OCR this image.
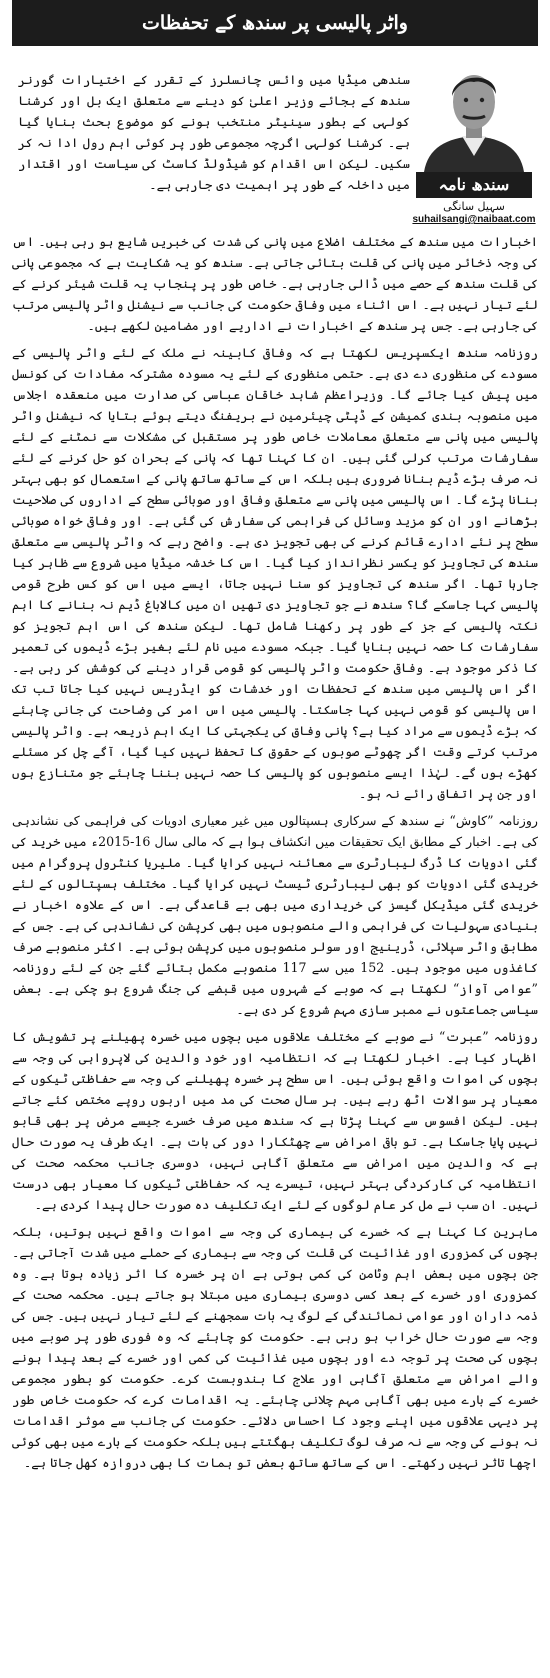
واٹر پالیسی پر سندھ کے تحفظات
سندھ نامہ
سہیل سانگی
suhailsangi@naibaat.com

سندھی میڈیا میں وائس چانسلرز کے تقرر کے اختیارات گورنر سندھ کے بجائے وزیر اعلیٰ کو دینے سے متعلق ایک بل اور کرشنا کولہی کے بطور سینیٹر منتخب ہونے کو موضوع بحث بنایا گیا ہے۔ کرشنا کولہی اگرچہ مجموعی طور پر کوئی اہم رول ادا نہ کر سکیں۔ لیکن اس اقدام کو شیڈولڈ کاسٹ کی سیاست اور اقتدار میں داخلہ کے طور پر اہمیت دی جارہی ہے۔

اخبارات میں سندھ کے مختلف اضلاع میں پانی کی شدت کی خبریں شایع ہو رہی ہیں۔ اس کی وجہ ذخائر میں پانی کی قلت بتائی جاتی ہے۔ سندھ کو یہ شکایت ہے کہ مجموعی پانی کی قلت سندھ کے حصے میں ڈالی جارہی ہے۔ خاص طور پر پنجاب یہ قلت شیئر کرنے کے لئے تیار نہیں ہے۔ اس اثناء میں وفاقی حکومت کی جانب سے نیشنل واٹر پالیسی مرتب کی جارہی ہے۔ جس پر سندھ کے اخبارات نے اداریے اور مضامین لکھے ہیں۔

روزنامہ سندھ ایکسپریس لکھتا ہے کہ وفاقی کابینہ نے ملک کے لئے واٹر پالیسی کے مسودے کی منظوری دے دی ہے۔ حتمی منظوری کے لئے یہ مسودہ مشترکہ مفادات کی کونسل میں پیش کیا جائے گا۔ وزیراعظم شاہد خاقان عباسی کی صدارت میں منعقدہ اجلاس میں منصوبہ بندی کمیشن کے ڈپٹی چیئرمین نے بریفنگ دیتے ہوئے بتایا کہ نیشنل واٹر پالیسی میں پانی سے متعلق معاملات خاص طور پر مستقبل کی مشکلات سے نمٹنے کے لئے سفارشات مرتب کرلی گئی ہیں۔ ان کا کہنا تھا کہ پانی کے بحران کو حل کرنے کے لئے نہ صرف بڑے ڈیم بنانا ضروری ہیں بلکہ اس کے ساتھ ساتھ پانی کے استعمال کو بھی بہتر بنانا پڑے گا۔ اس پالیسی میں پانی سے متعلق وفاقی اور صوبائی سطح کے اداروں کی صلاحیت بڑھانے اور ان کو مزید وسائل کی فراہمی کی سفارش کی گئی ہے۔ اور وفاقی خواہ صوبائی سطح پر نئے ادارے قائم کرنے کی بھی تجویز دی ہے۔ واضح رہے کہ واٹر پالیسی سے متعلق سندھ کی تجاویز کو یکسر نظرانداز کیا گیا۔ اس کا خدشہ میڈیا میں شروع سے ظاہر کیا جارہا تھا۔ اگر سندھ کی تجاویز کو سنا نہیں جاتا، ایسے میں اس کو کس طرح قومی پالیسی کہا جاسکے گا؟ سندھ نے جو تجاویز دی تھیں ان میں کالاباغ ڈیم نہ بنانے کا اہم نکتہ پالیسی کے جز کے طور پر رکھنا شامل تھا۔ لیکن سندھ کی اس اہم تجویز کو سفارشات کا حصہ نہیں بنایا گیا۔ جبکہ مسودے میں نام لئے بغیر بڑے ڈیموں کی تعمیر کا ذکر موجود ہے۔ وفاقی حکومت واٹر پالیسی کو قومی قرار دینے کی کوشش کر رہی ہے۔ اگر اس پالیسی میں سندھ کے تحفظات اور خدشات کو ایڈریس نہیں کیا جاتا تب تک اس پالیسی کو قومی نہیں کہا جاسکتا۔ پالیسی میں اس امر کی وضاحت کی جانی چاہئے کہ بڑے ڈیموں سے مراد کیا ہے؟ پانی وفاق کی یکجہتی کا ایک اہم ذریعہ ہے۔ واٹر پالیسی مرتب کرتے وقت اگر چھوٹے صوبوں کے حقوق کا تحفظ نہیں کیا گیا، آگے چل کر مسئلے کھڑے ہوں گے۔ لہٰذا ایسے منصوبوں کو پالیسی کا حصہ نہیں بننا چاہئے جو متنازع ہوں اور جن پر اتفاق رائے نہ ہو۔

روزنامہ ”کاوش“ نے سندھ کے سرکاری ہسپتالوں میں غیر معیاری ادویات کی فراہمی کی نشاندہی کی ہے۔ اخبار کے مطابق ایک تحقیقات میں انکشاف ہوا ہے کہ مالی سال 16-2015ء میں خرید کی گئی ادویات کا ڈرگ لیبارٹری سے معائنہ نہیں کرایا گیا۔ ملیریا کنٹرول پروگرام میں خریدی گئی ادویات کو بھی لیبارٹری ٹیسٹ نہیں کرایا گیا۔ مختلف ہسپتالوں کے لئے خریدی گئی میڈیکل گیسز کی خریداری میں بھی بے قاعدگی ہے۔ اس کے علاوہ اخبار نے بنیادی سہولیات کی فراہمی والے منصوبوں میں بھی کرپشن کی نشاندہی کی ہے۔ جس کے مطابق واٹر سپلائی، ڈرینیج اور سولر منصوبوں میں کرپشن ہوئی ہے۔ اکثر منصوبے صرف کاغذوں میں موجود ہیں۔ 152 میں سے 117 منصوبے مکمل بتائے گئے جن کے لئے روزنامہ ”عوامی آواز“ لکھتا ہے کہ صوبے کے شہروں میں قبضے کی جنگ شروع ہو چکی ہے۔ بعض سیاسی جماعتوں نے ممبر سازی مہم شروع کر دی ہے۔

روزنامہ ”عبرت“ نے صوبے کے مختلف علاقوں میں بچوں میں خسرہ پھیلنے پر تشویش کا اظہار کیا ہے۔ اخبار لکھتا ہے کہ انتظامیہ اور خود والدین کی لاپرواہی کی وجہ سے بچوں کی اموات واقع ہوئی ہیں۔ اس سطح پر خسرہ پھیلنے کی وجہ سے حفاظتی ٹیکوں کے معیار پر سوالات اٹھ رہے ہیں۔ ہر سال صحت کی مد میں اربوں روپے مختص کئے جاتے ہیں۔ لیکن افسوس سے کہنا پڑتا ہے کہ سندھ میں صرف خسرے جیسے مرض پر بھی قابو نہیں پایا جاسکا ہے۔ تو باقی امراض سے چھٹکارا دور کی بات ہے۔ ایک طرف یہ صورت حال ہے کہ والدین میں امراض سے متعلق آگاہی نہیں، دوسری جانب محکمہ صحت کی انتظامیہ کی کارکردگی بہتر نہیں، تیسرے یہ کہ حفاظتی ٹیکوں کا معیار بھی درست نہیں۔ ان سب نے مل کر عام لوگوں کے لئے ایک تکلیف دہ صورت حال پیدا کردی ہے۔

ماہرین کا کہنا ہے کہ خسرے کی بیماری کی وجہ سے اموات واقع نہیں ہوتیں، بلکہ بچوں کی کمزوری اور غذائیت کی قلت کی وجہ سے بیماری کے حملے میں شدت آجاتی ہے۔ جن بچوں میں بعض اہم وٹامن کی کمی ہوتی ہے ان پر خسرہ کا اثر زیادہ ہوتا ہے۔ وہ کمزوری اور خسرے کے بعد کسی دوسری بیماری میں مبتلا ہو جاتے ہیں۔ محکمہ صحت کے ذمہ داران اور عوامی نمائندگی کے لوگ یہ بات سمجھنے کے لئے تیار نہیں ہیں۔ جس کی وجہ سے صورت حال خراب ہو رہی ہے۔ حکومت کو چاہئے کہ وہ فوری طور پر صوبے میں بچوں کی صحت پر توجہ دے اور بچوں میں غذائیت کی کمی اور خسرے کے بعد پیدا ہونے والے امراض سے متعلق آگاہی اور علاج کا بندوبست کرے۔ حکومت کو بطور مجموعی خسرے کے بارے میں بھی آگاہی مہم چلانی چاہئے۔ یہ اقدامات کرے کہ حکومت خاص طور پر دیہی علاقوں میں اپنے وجود کا احساس دلائے۔ حکومت کی جانب سے موثر اقدامات نہ ہونے کی وجہ سے نہ صرف لوگ تکلیف بھگتتے ہیں بلکہ حکومت کے بارے میں بھی کوئی اچھا تاثر نہیں رکھتے۔ اس کے ساتھ ساتھ بعض تو ہمات کا بھی دروازہ کھل جاتا ہے۔
